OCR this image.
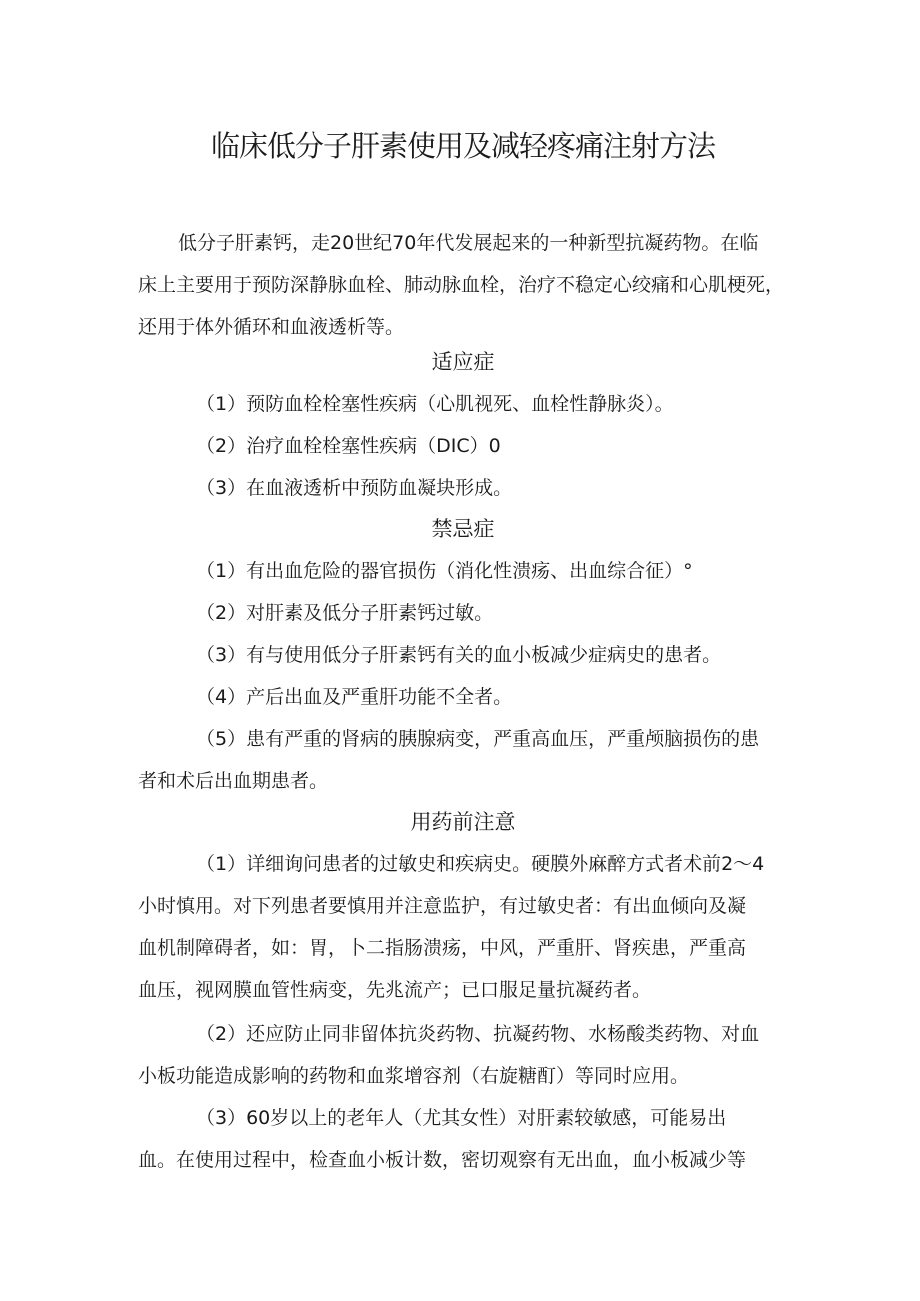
临床低分子肝素使用及减轻疼痛注射方法
低分子肝素钙，走20世纪70年代发展起来的一种新型抗凝药物。在临
床上主要用于预防深静脉血栓、肺动脉血栓，治疗不稳定心绞痛和心肌梗死，
还用于体外循环和血液透析等。
适应症
（1）预防血栓栓塞性疾病（心肌视死、血栓性静脉炎）。
（2）治疗血栓栓塞性疾病（DIC）0
（3）在血液透析中预防血凝块形成。
禁忌症
（1）有出血危险的器官损伤（消化性溃疡、出血综合征）°
（2）对肝素及低分子肝素钙过敏。
（3）有与使用低分子肝素钙有关的血小板减少症病史的患者。
（4）产后出血及严重肝功能不全者。
（5）患有严重的肾病的胰腺病变，严重高血压，严重颅脑损伤的患
者和术后出血期患者。
用药前注意
（1）详细询问患者的过敏史和疾病史。硬膜外麻醉方式者术前2～4
小时慎用。对下列患者要慎用并注意监护，有过敏史者：有出血倾向及凝
血机制障碍者，如：胃，卜二指肠溃疡，中风，严重肝、肾疾患，严重高
血压，视网膜血管性病变，先兆流产；已口服足量抗凝药者。
（2）还应防止同非留体抗炎药物、抗凝药物、水杨酸类药物、对血
小板功能造成影响的药物和血浆增容剂（右旋糖酊）等同时应用。
（3）60岁以上的老年人（尤其女性）对肝素较敏感，可能易出
血。在使用过程中，检查血小板计数，密切观察有无出血，血小板减少等
